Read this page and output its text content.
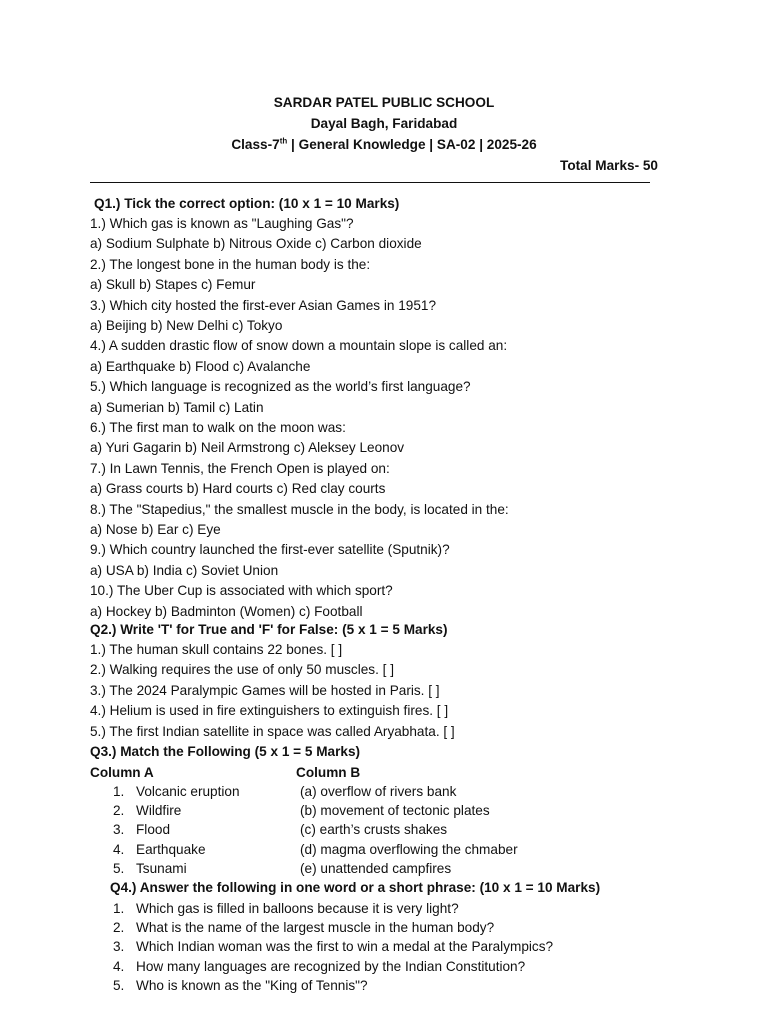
SARDAR PATEL PUBLIC SCHOOL
Dayal Bagh, Faridabad
Class-7th | General Knowledge | SA-02 | 2025-26
Total Marks- 50
Q1.) Tick the correct option: (10 x 1 = 10 Marks)
1.) Which gas is known as "Laughing Gas"?
a) Sodium Sulphate b) Nitrous Oxide c) Carbon dioxide
2.) The longest bone in the human body is the:
a) Skull b) Stapes c) Femur
3.) Which city hosted the first-ever Asian Games in 1951?
a) Beijing b) New Delhi c) Tokyo
4.) A sudden drastic flow of snow down a mountain slope is called an:
a) Earthquake b) Flood c) Avalanche
5.) Which language is recognized as the world’s first language?
a) Sumerian b) Tamil c) Latin
6.) The first man to walk on the moon was:
a) Yuri Gagarin b) Neil Armstrong c) Aleksey Leonov
7.) In Lawn Tennis, the French Open is played on:
a) Grass courts b) Hard courts c) Red clay courts
8.) The "Stapedius," the smallest muscle in the body, is located in the:
a) Nose b) Ear c) Eye
9.) Which country launched the first-ever satellite (Sputnik)?
a) USA b) India c) Soviet Union
10.) The Uber Cup is associated with which sport?
a) Hockey b) Badminton (Women) c) Football
Q2.) Write 'T' for True and 'F' for False: (5 x 1 = 5 Marks)
1.) The human skull contains 22 bones. [ ]
2.) Walking requires the use of only 50 muscles. [ ]
3.) The 2024 Paralympic Games will be hosted in Paris. [ ]
4.) Helium is used in fire extinguishers to extinguish fires. [ ]
5.) The first Indian satellite in space was called Aryabhata. [ ]
Q3.) Match the Following (5 x 1 = 5 Marks)
Column A	Column B
1. Volcanic eruption	(a) overflow of rivers bank
2. Wildfire	(b) movement of tectonic plates
3. Flood	(c) earth’s crusts shakes
4. Earthquake	(d) magma overflowing the chmaber
5. Tsunami	(e) unattended campfires
Q4.) Answer the following in one word or a short phrase: (10 x 1 = 10 Marks)
1. Which gas is filled in balloons because it is very light?
2. What is the name of the largest muscle in the human body?
3. Which Indian woman was the first to win a medal at the Paralympics?
4. How many languages are recognized by the Indian Constitution?
5. Who is known as the "King of Tennis"?
